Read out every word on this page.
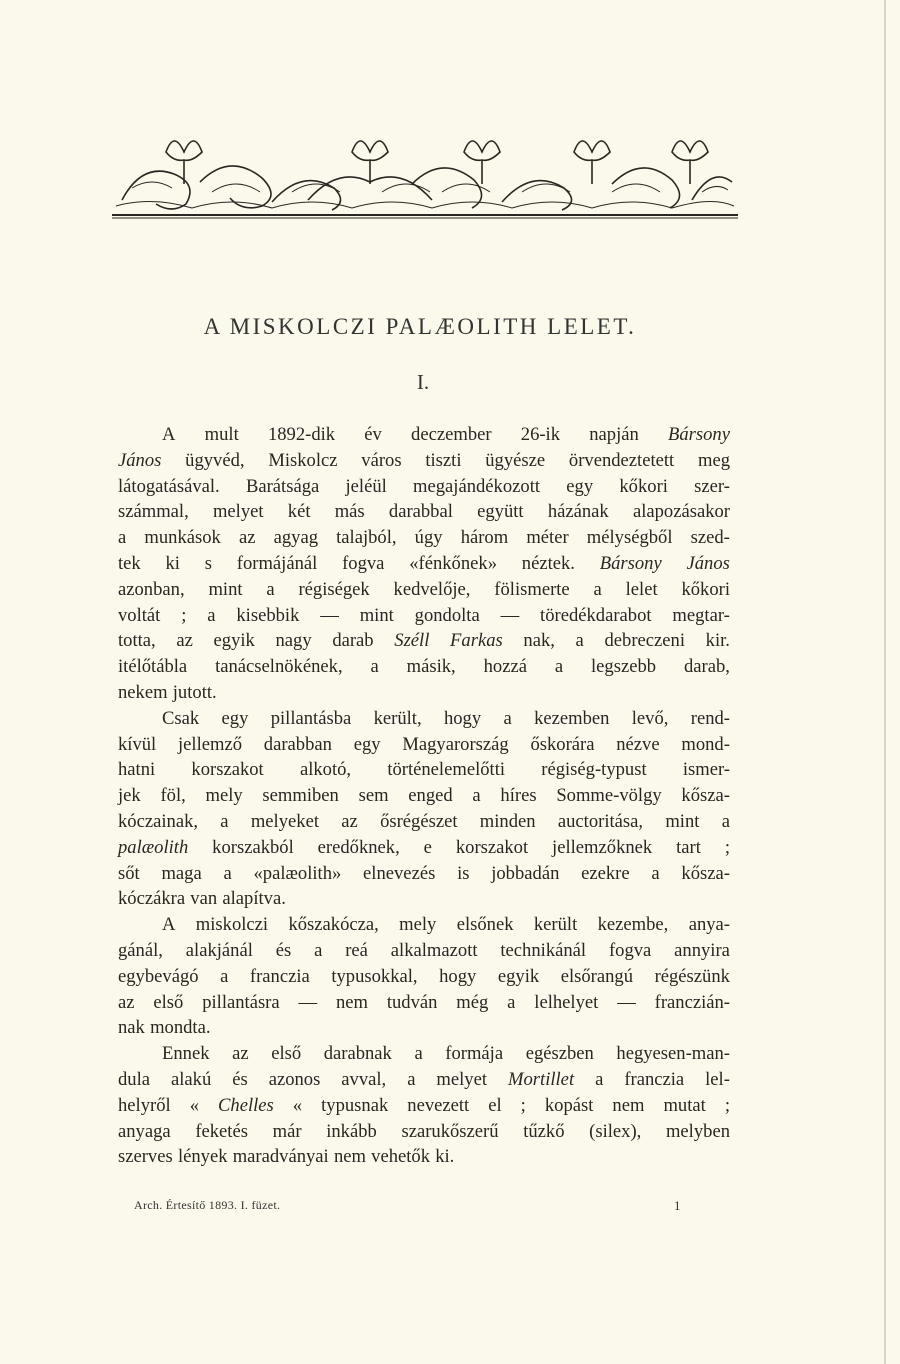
A MISKOLCZI PALÆOLITH LELET.
I.
A mult 1892-dik év deczember 26-ik napján Bársony
János ügyvéd, Miskolcz város tiszti ügyésze örvendeztetett meg
látogatásával. Barátsága jeléül megajándékozott egy kőkori szer-
számmal, melyet két más darabbal együtt házának alapozásakor
a munkások az agyag talajból, úgy három méter mélységből szed-
tek ki s formájánál fogva «fénkőnek» néztek. Bársony János
azonban, mint a régiségek kedvelője, fölismerte a lelet kőkori
voltát ; a kisebbik — mint gondolta — töredékdarabot megtar-
totta, az egyik nagy darab Széll Farkas nak, a debreczeni kir.
itélőtábla tanácselnökének, a másik, hozzá a legszebb darab,
nekem jutott.
Csak egy pillantásba került, hogy a kezemben levő, rend-
kívül jellemző darabban egy Magyarország őskorára nézve mond-
hatni korszakot alkotó, történelemelőtti régiség-typust ismer-
jek föl, mely semmiben sem enged a híres Somme-völgy kősza-
kóczainak, a melyeket az ősrégészet minden auctoritása, mint a
palæolith korszakból eredőknek, e korszakot jellemzőknek tart ;
sőt maga a «palæolith» elnevezés is jobbadán ezekre a kősza-
kóczákra van alapítva.
A miskolczi kőszakócza, mely elsőnek került kezembe, anya-
gánál, alakjánál és a reá alkalmazott technikánál fogva annyira
egybevágó a franczia typusokkal, hogy egyik elsőrangú régészünk
az első pillantásra — nem tudván még a lelhelyet — franczián-
nak mondta.
Ennek az első darabnak a formája egészben hegyesen-man-
dula alakú és azonos avval, a melyet Mortillet a franczia lel-
helyről « Chelles « typusnak nevezett el ; kopást nem mutat ;
anyaga feketés már inkább szarukőszerű tűzkő (silex), melyben
szerves lények maradványai nem vehetők ki.
Arch. Értesítő 1893. I. füzet.	1
